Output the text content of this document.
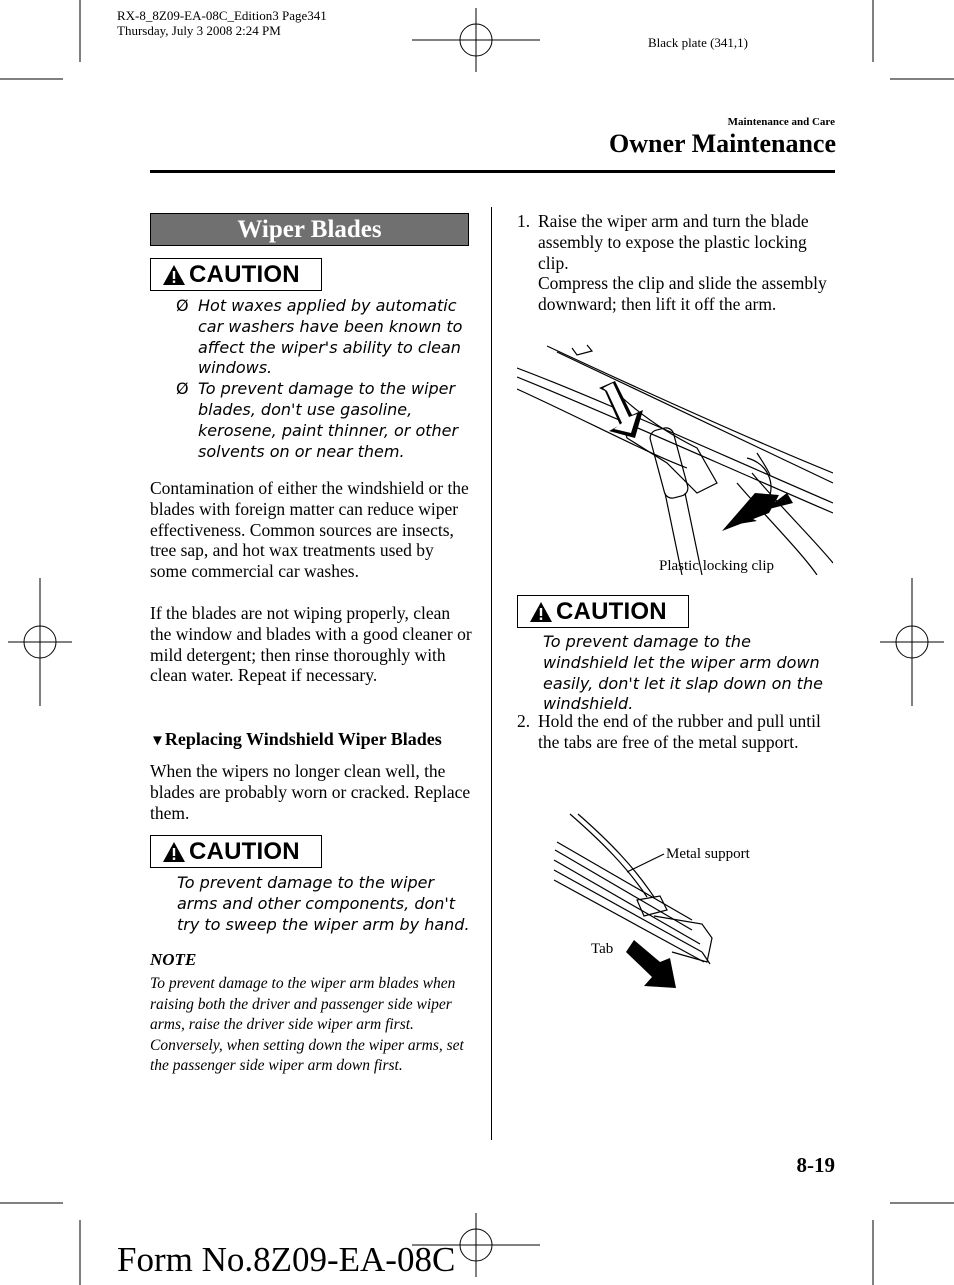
RX-8_8Z09-EA-08C_Edition3 Page341
Thursday, July 3 2008 2:24 PM
Black plate (341,1)
Maintenance and Care
Owner Maintenance
Wiper Blades
CAUTION
Ø Hot waxes applied by automatic car washers have been known to affect the wiper's ability to clean windows.
Ø To prevent damage to the wiper blades, don't use gasoline, kerosene, paint thinner, or other solvents on or near them.
Contamination of either the windshield or the blades with foreign matter can reduce wiper effectiveness. Common sources are insects, tree sap, and hot wax treatments used by some commercial car washes.
If the blades are not wiping properly, clean the window and blades with a good cleaner or mild detergent; then rinse thoroughly with clean water. Repeat if necessary.
▼Replacing Windshield Wiper Blades
When the wipers no longer clean well, the blades are probably worn or cracked. Replace them.
CAUTION
To prevent damage to the wiper arms and other components, don't try to sweep the wiper arm by hand.
NOTE
To prevent damage to the wiper arm blades when raising both the driver and passenger side wiper arms, raise the driver side wiper arm first. Conversely, when setting down the wiper arms, set the passenger side wiper arm down first.
1. Raise the wiper arm and turn the blade assembly to expose the plastic locking clip.
Compress the clip and slide the assembly downward; then lift it off the arm.
Plastic locking clip
CAUTION
To prevent damage to the windshield let the wiper arm down easily, don't let it slap down on the windshield.
2. Hold the end of the rubber and pull until the tabs are free of the metal support.
Metal support
Tab
8-19
Form No.8Z09-EA-08C
